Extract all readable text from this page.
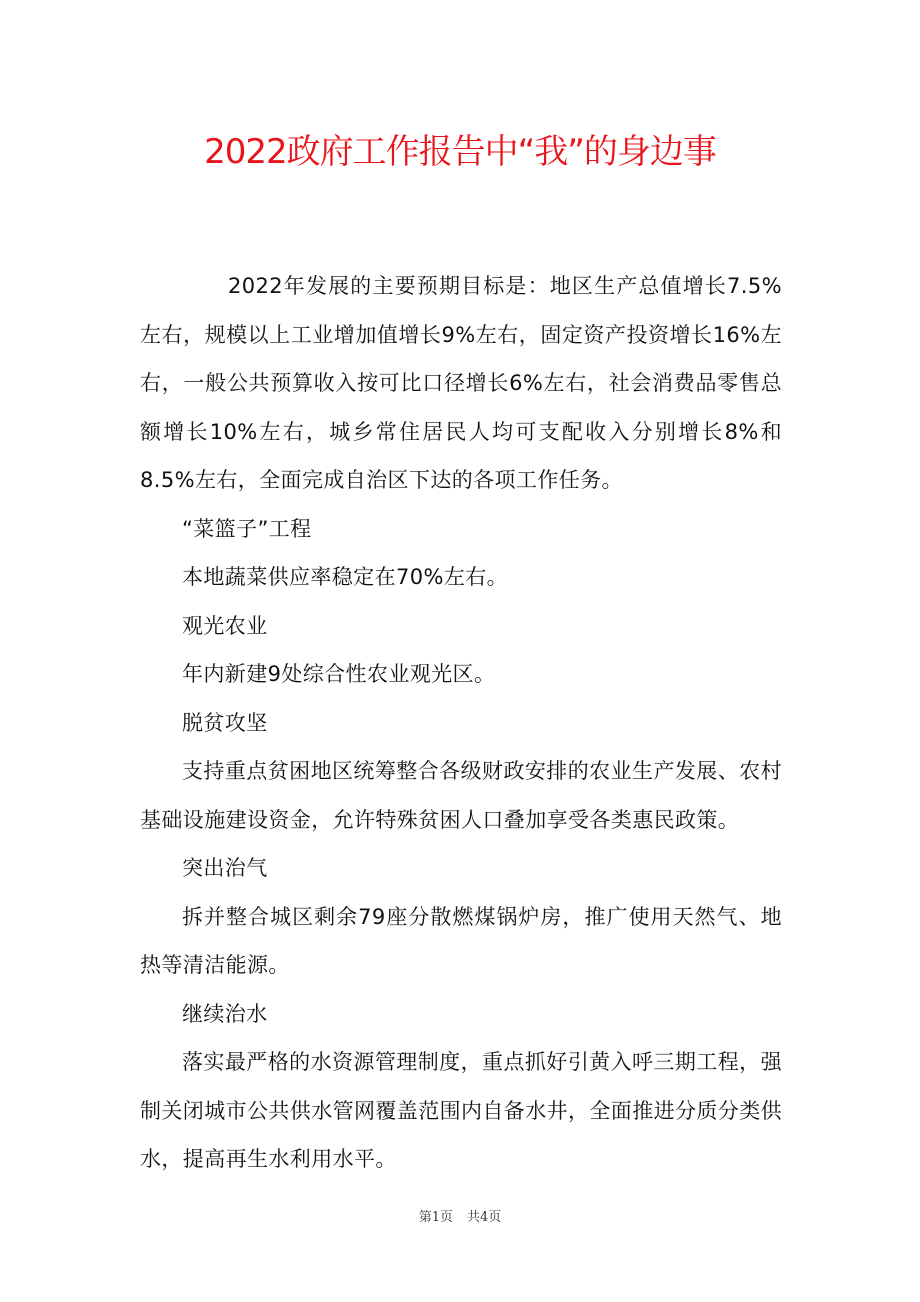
2022政府工作报告中“我”的身边事

2022年发展的主要预期目标是：地区生产总值增长7.5%左右，规模以上工业增加值增长9%左右，固定资产投资增长16%左右，一般公共预算收入按可比口径增长6%左右，社会消费品零售总额增长10%左右，城乡常住居民人均可支配收入分别增长8%和8.5%左右，全面完成自治区下达的各项工作任务。

“菜篮子”工程

本地蔬菜供应率稳定在70%左右。

观光农业

年内新建9处综合性农业观光区。

脱贫攻坚

支持重点贫困地区统筹整合各级财政安排的农业生产发展、农村基础设施建设资金，允许特殊贫困人口叠加享受各类惠民政策。

突出治气

拆并整合城区剩余79座分散燃煤锅炉房，推广使用天然气、地热等清洁能源。

继续治水

落实最严格的水资源管理制度，重点抓好引黄入呼三期工程，强制关闭城市公共供水管网覆盖范围内自备水井，全面推进分质分类供水，提高再生水利用水平。

第1页 共4页
